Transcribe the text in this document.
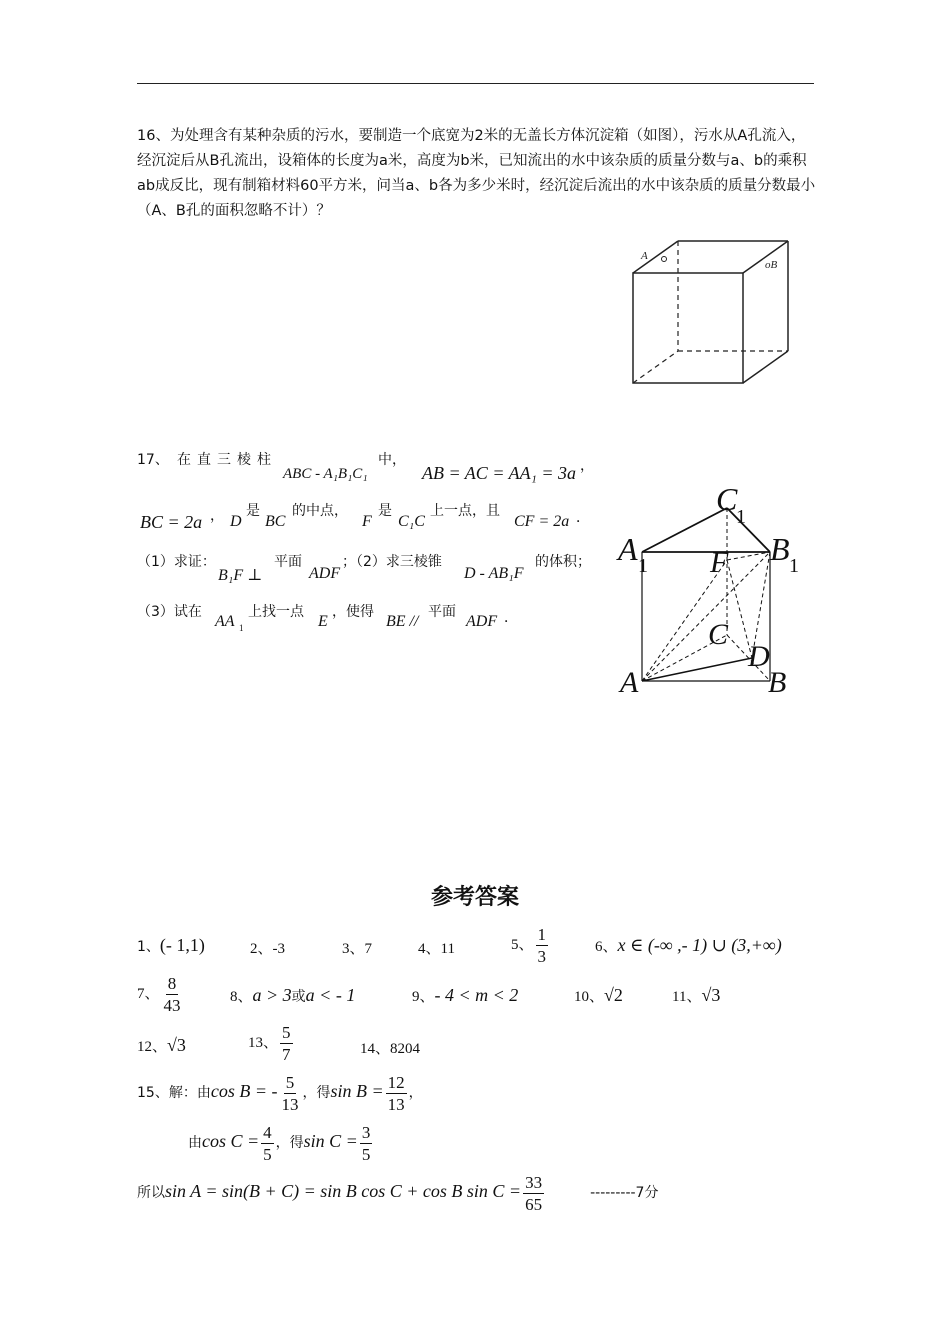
16、为处理含有某种杂质的污水，要制造一个底宽为2米的无盖长方体沉淀箱（如图），污水从A孔流入，经沉淀后从B孔流出，设箱体的长度为a米，高度为b米，已知流出的水中该杂质的质量分数与a、b的乘积ab成反比，现有制箱材料60平方米，问当a、b各为多少米时，经沉淀后流出的水中该杂质的质量分数最小（A、B孔的面积忽略不计）？
A
oB
17、 在直三棱柱
ABC - A₁B₁C₁
中，
AB = AC = AA₁ = 3a ，
BC = 2a ， D
是
BC
的中点，
F
是
C₁C
上一点，且
CF = 2a ．
（1）求证：
B₁F ⊥
平面
ADF
；（2）求三棱锥
D - AB₁F
的体积；
（3）试在
AA 1
上找一点
E
，使得
BE //
平面
ADF ．
C
1
A 1	B 1
F
C
D
A	B
参考答案
1、(- 1,1)	2、-3	3、7	4、11	5、 $\frac{1}{3}$	6、x ∈ (-∞ ,- 1) ∪ (3,+∞)
7、 $\frac{8}{43}$	8、a > 3或a < - 1	9、- 4 < m < 2	10、√2	11、√3
12、√3	13、 $\frac{5}{7}$	14、8204
15、解：由cos B = - $\frac{5}{13}$ ，得$\sin B = \frac{12}{13}$ ，
由$\cos C = \frac{4}{5}$ ，得$\sin C = \frac{3}{5}$
所以sin A = sin(B + C) = sin B cos C + cos B $\sin C = \frac{33}{65}$	---------7分
